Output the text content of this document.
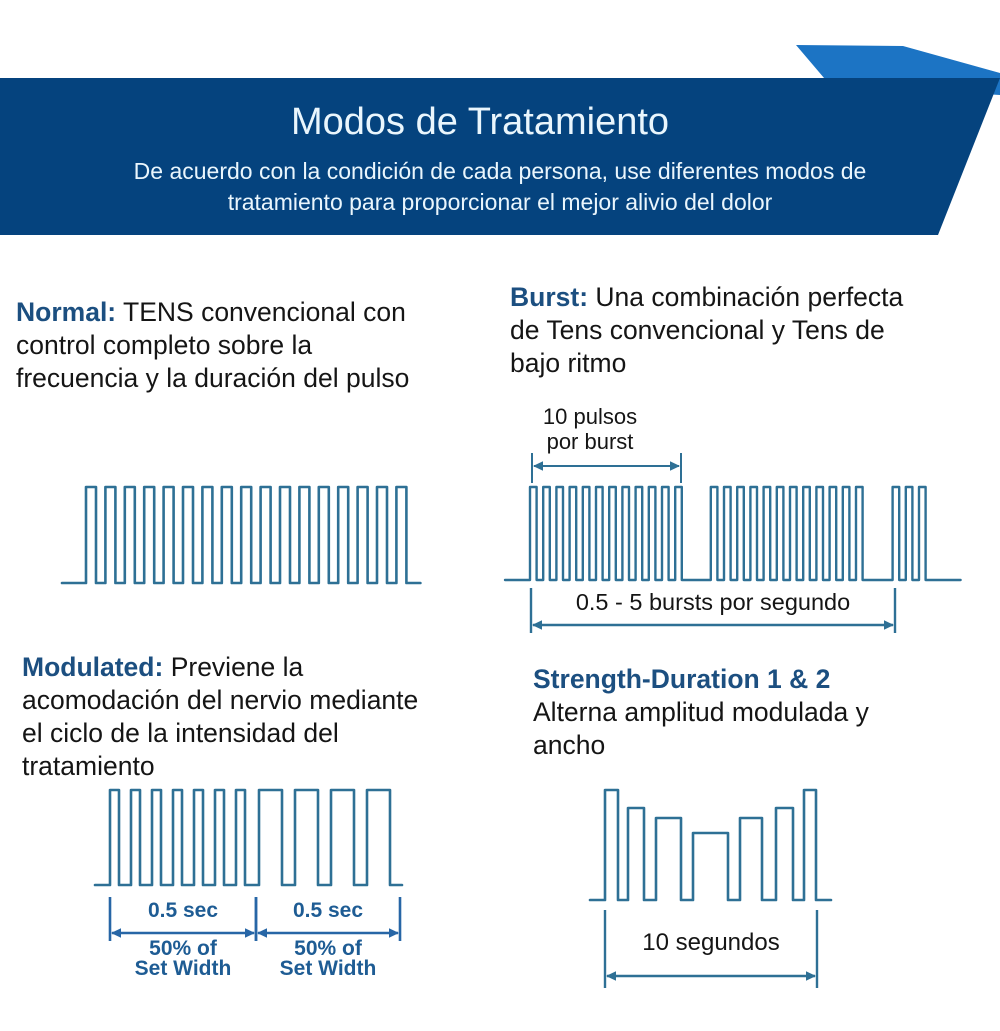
Modos de Tratamiento
De acuerdo con la condición de cada persona, use diferentes modos de
tratamiento para proporcionar el mejor alivio del dolor
Normal: TENS convencional con
control completo sobre la
frecuencia y la duración del pulso
Burst: Una combinación perfecta
de Tens convencional y Tens de
bajo ritmo
Modulated: Previene la
acomodación del nervio mediante
el ciclo de la intensidad del
tratamiento
Strength-Duration 1 & 2
Alterna amplitud modulada y
ancho
10 pulsos
por burst
0.5 - 5 bursts por segundo
10 segundos
0.5 sec
50% of
Set Width
0.5 sec
50% of
Set Width
